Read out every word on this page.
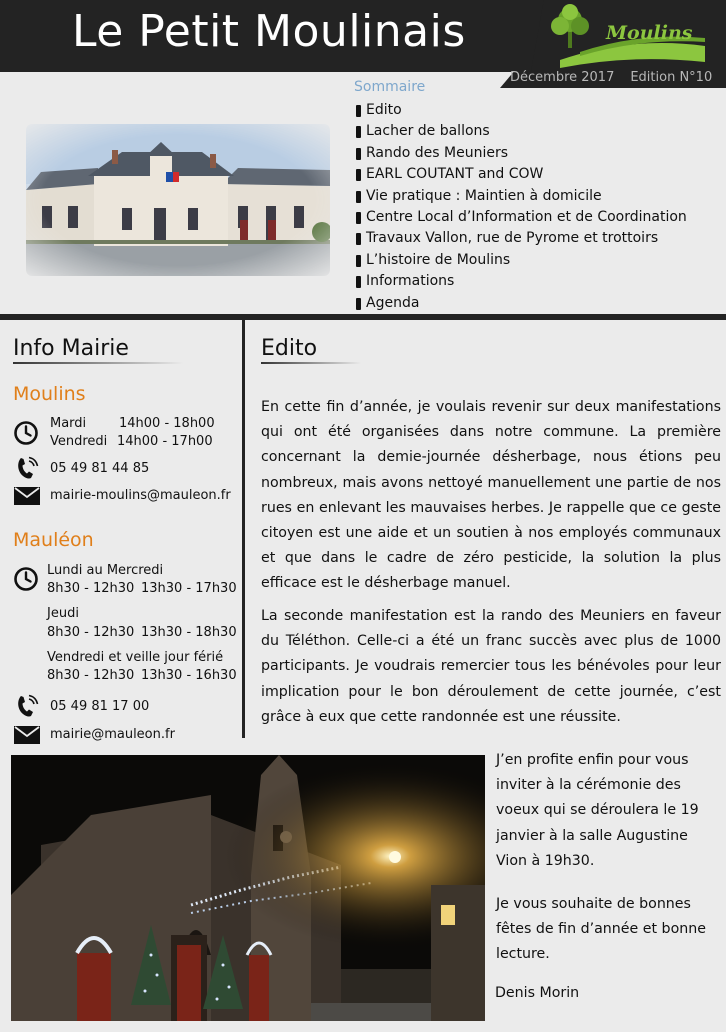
Le Petit Moulinais	Moulins
Décembre 2017 Edition N°10
Sommaire
Edito
Lacher de ballons
Rando des Meuniers
EARL COUTANT and COW
Vie pratique : Maintien à domicile
Centre Local d’Information et de Coordination
Travaux Vallon, rue de Pyrome et trottoirs
L’histoire de Moulins
Informations
Agenda
Info Mairie
Moulins
Mardi	14h00 - 18h00
Vendredi 14h00 - 17h00
05 49 81 44 85
mairie-moulins@mauleon.fr
Mauléon
Lundi au Mercredi
8h30 - 12h30 13h30 - 17h30
Jeudi
8h30 - 12h30 13h30 - 18h30
Vendredi et veille jour férié
8h30 - 12h30 13h30 - 16h30
05 49 81 17 00
mairie@mauleon.fr
Edito

En cette fin d’année, je voulais revenir sur deux manifestations qui ont été organisées dans notre commune. La première concernant la demie-journée désherbage, nous étions peu nombreux, mais avons nettoyé manuellement une partie de nos rues en enlevant les mauvaises herbes. Je rappelle que ce geste citoyen est une aide et un soutien à nos employés communaux et que dans le cadre de zéro pesticide, la solution la plus efficace est le désherbage manuel.

La seconde manifestation est la rando des Meuniers en faveur du Téléthon. Celle-ci a été un franc succès avec plus de 1000 participants. Je voudrais remercier tous les bénévoles pour leur implication pour le bon déroulement de cette journée, c’est grâce à eux que cette randonnée est une réussite.

J’en profite enfin pour vous inviter à la cérémonie des voeux qui se déroulera le 19 janvier à la salle Augustine Vion à 19h30.

Je vous souhaite de bonnes fêtes de fin d’année et bonne lecture.

Denis Morin
